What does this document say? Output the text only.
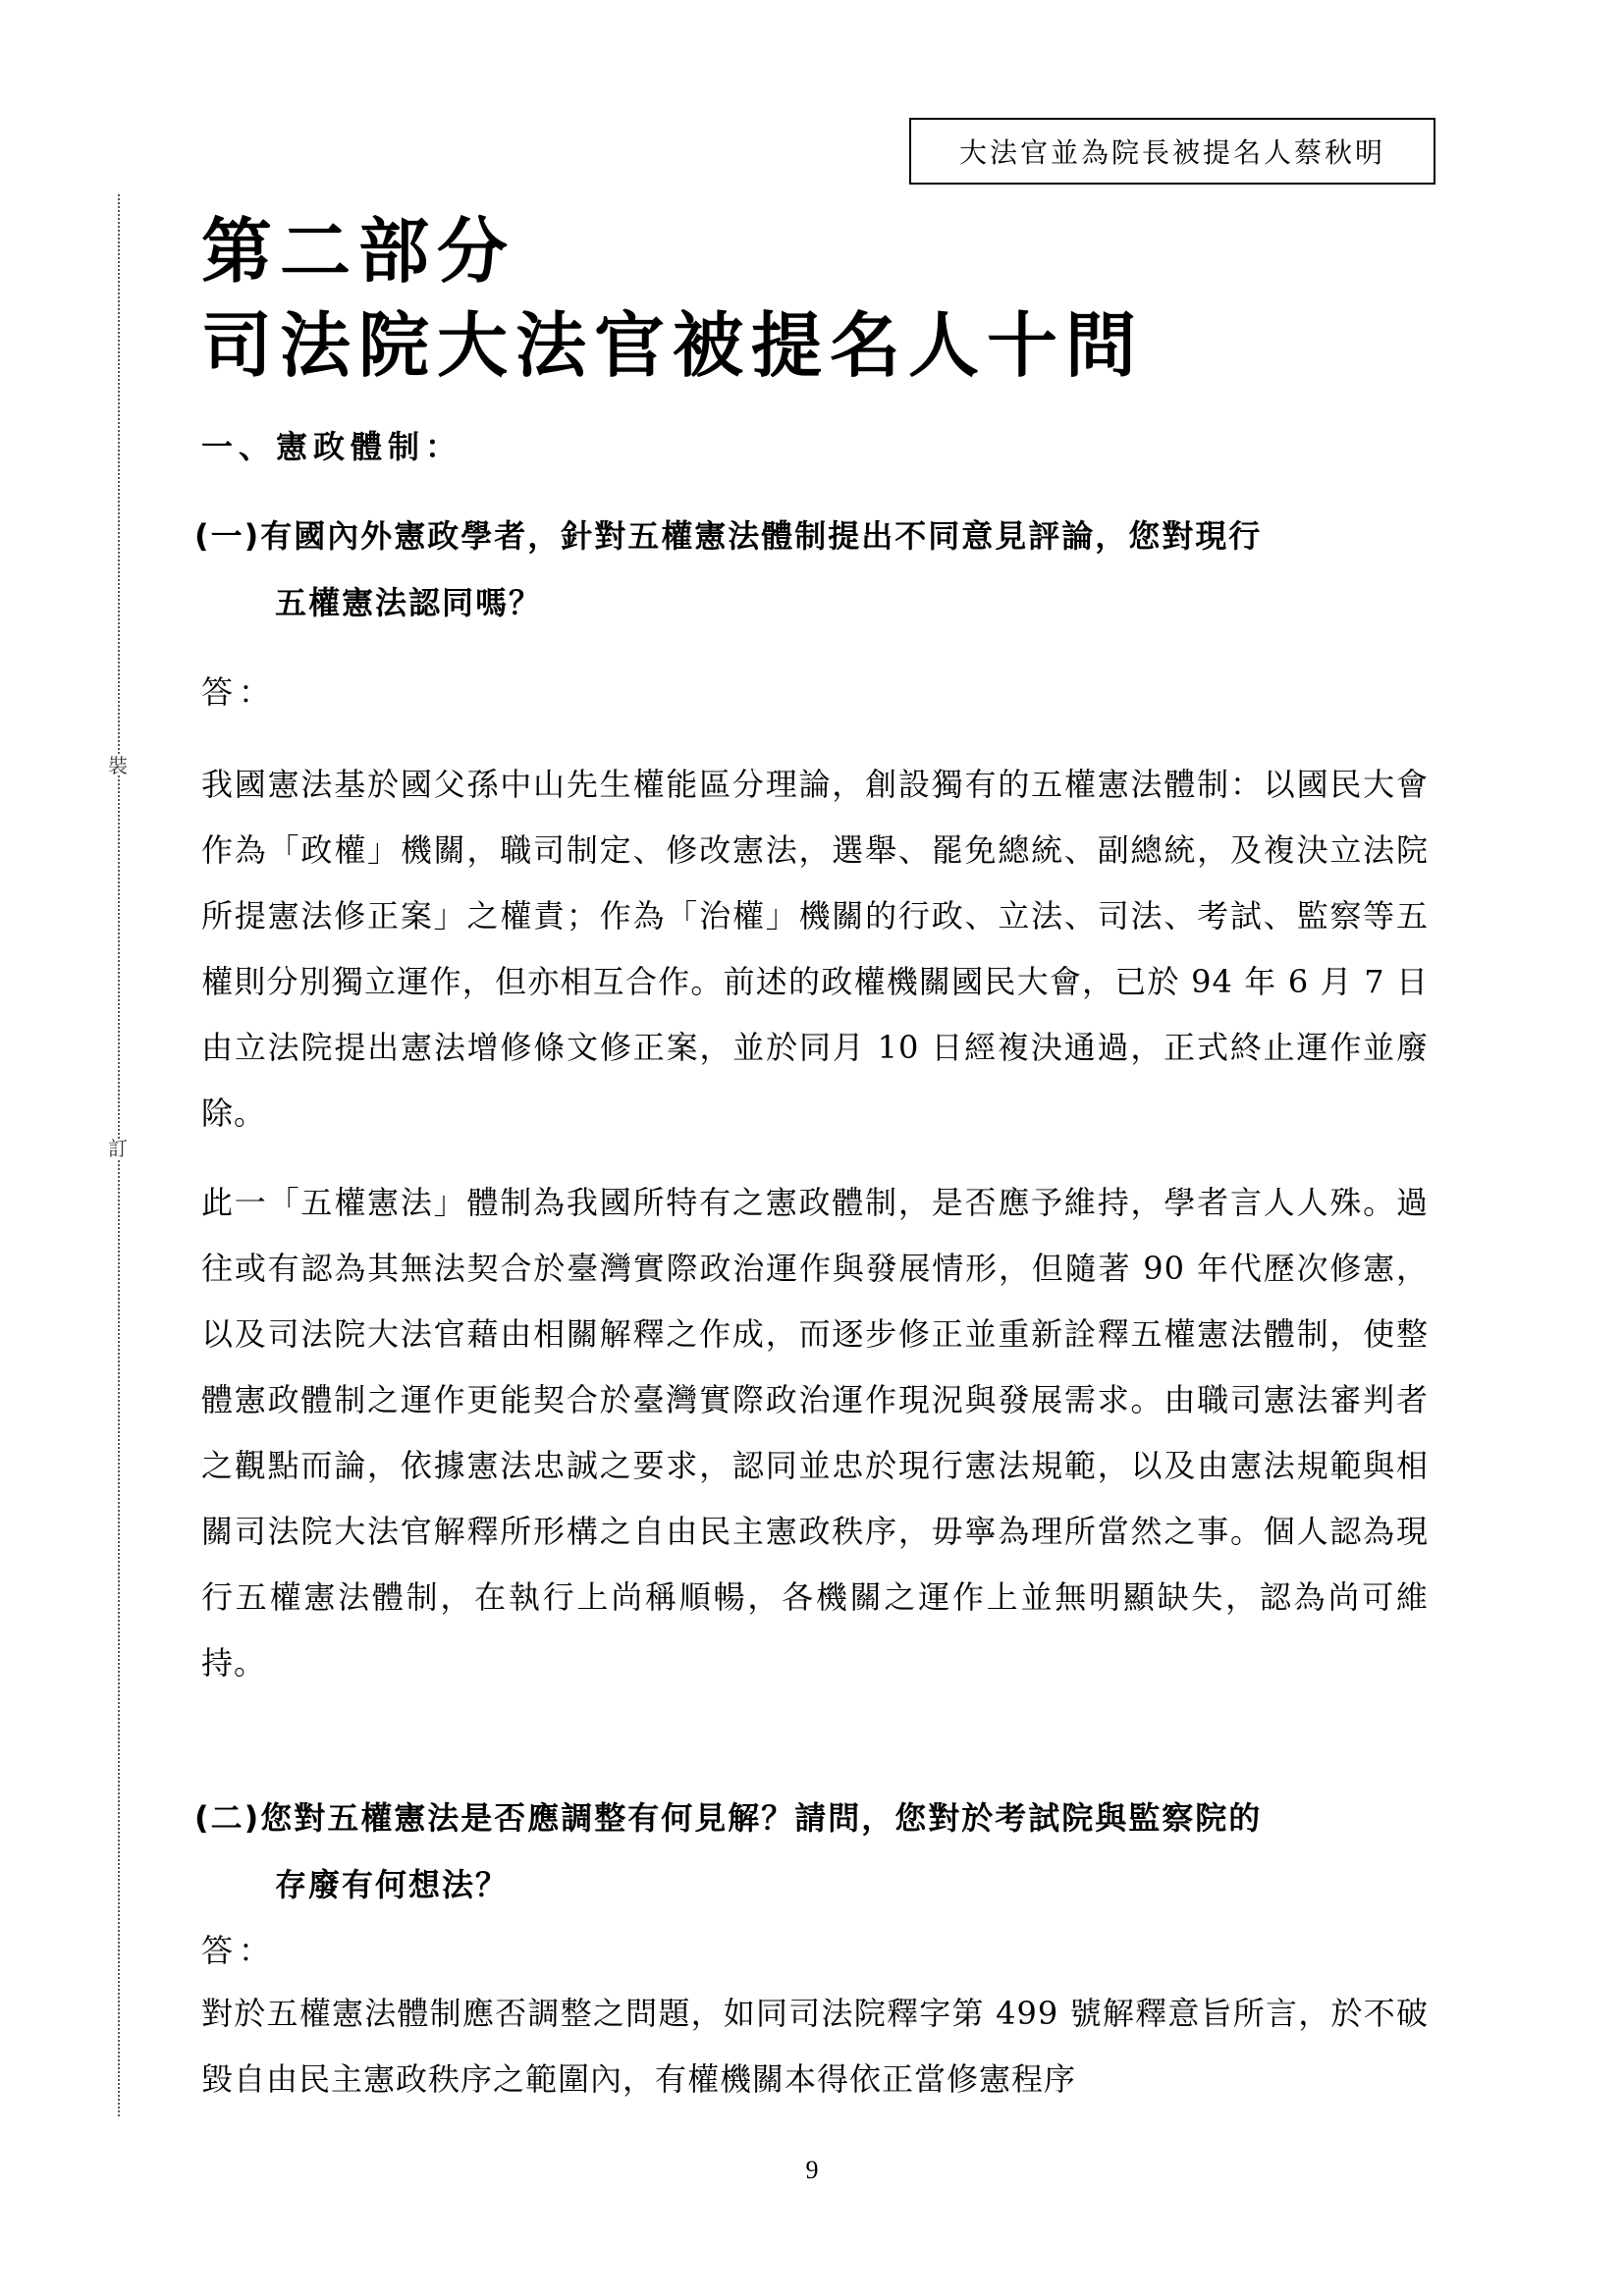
大法官並為院長被提名人蔡秋明
裝
訂
第二部分
司法院大法官被提名人十問
一、憲政體制：
(一)有國內外憲政學者，針對五權憲法體制提出不同意見評論，您對現行
五權憲法認同嗎？
答：
我國憲法基於國父孫中山先生權能區分理論，創設獨有的五權憲法體制：以國民大會作為「政權」機關，職司制定、修改憲法，選舉、罷免總統、副總統，及複決立法院所提憲法修正案」之權責；作為「治權」機關的行政、立法、司法、考試、監察等五權則分別獨立運作，但亦相互合作。前述的政權機關國民大會，已於 94 年 6 月 7 日由立法院提出憲法增修條文修正案，並於同月 10 日經複決通過，正式終止運作並廢除。
此一「五權憲法」體制為我國所特有之憲政體制，是否應予維持，學者言人人殊。過往或有認為其無法契合於臺灣實際政治運作與發展情形，但隨著 90 年代歷次修憲，以及司法院大法官藉由相關解釋之作成，而逐步修正並重新詮釋五權憲法體制，使整體憲政體制之運作更能契合於臺灣實際政治運作現況與發展需求。由職司憲法審判者之觀點而論，依據憲法忠誠之要求，認同並忠於現行憲法規範，以及由憲法規範與相關司法院大法官解釋所形構之自由民主憲政秩序，毋寧為理所當然之事。個人認為現行五權憲法體制，在執行上尚稱順暢，各機關之運作上並無明顯缺失，認為尚可維持。
(二)您對五權憲法是否應調整有何見解？請問，您對於考試院與監察院的
存廢有何想法？
答：
對於五權憲法體制應否調整之問題，如同司法院釋字第 499 號解釋意旨所言，於不破毀自由民主憲政秩序之範圍內，有權機關本得依正當修憲程序
9
